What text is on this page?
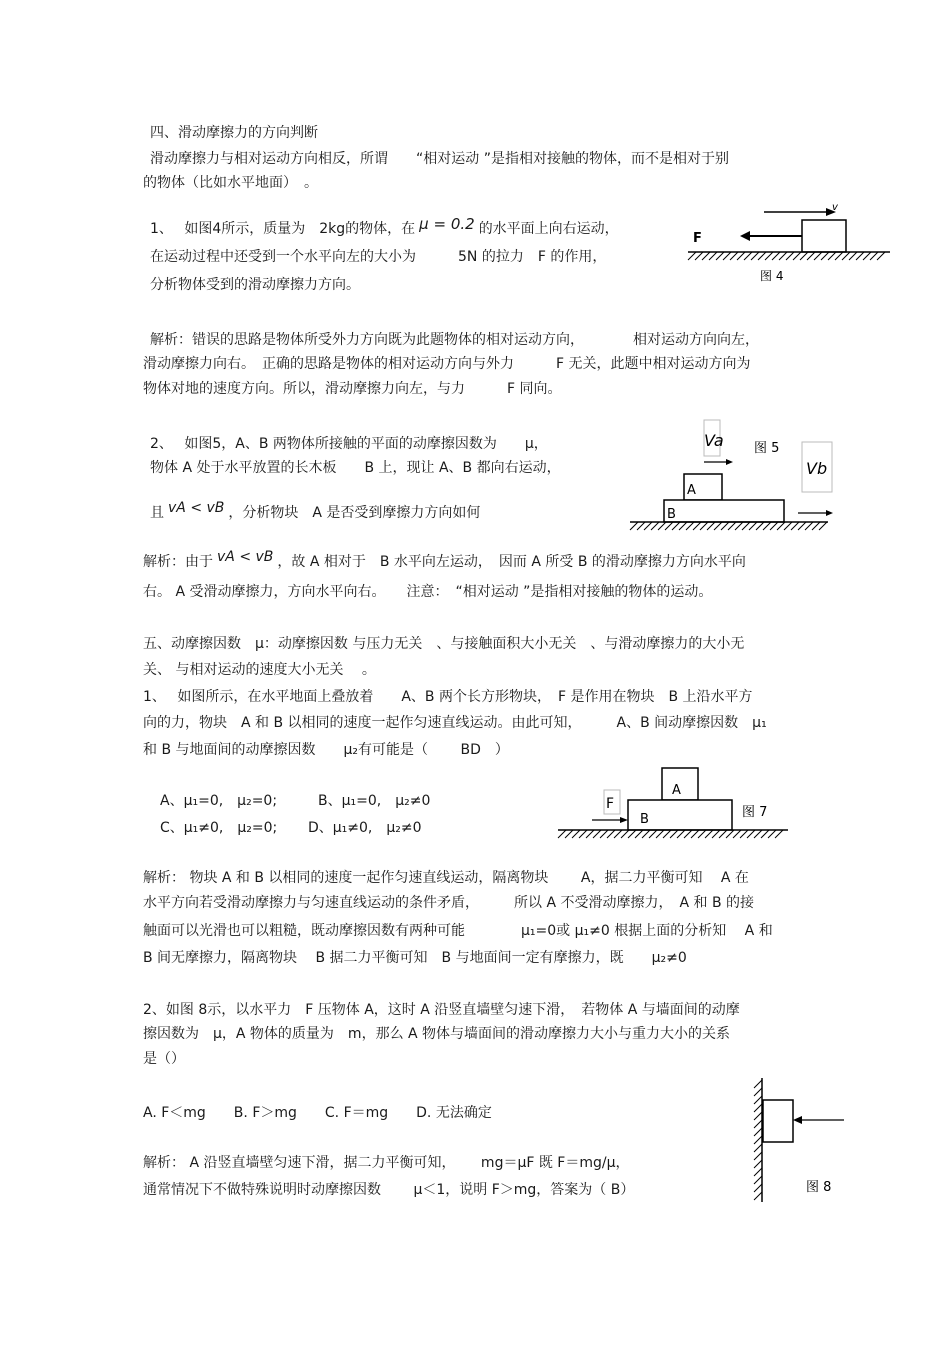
四、滑动摩擦力的方向判断
滑动摩擦力与相对运动方向相反，所谓　　“相对运动 ”是指相对接触的物体，而不是相对于别
的物体（比如水平地面）　。
1、　 如图4所示，质量为　2kg的物体，在 μ = 0.2 的水平面上向右运动，
在运动过程中还受到一个水平向左的大小为　　　5N 的拉力　F 的作用，
分析物体受到的滑动摩擦力方向。
v
F
图 4
解析：错误的思路是物体所受外力方向既为此题物体的相对运动方向，　　　　相对运动方向向左，
滑动摩擦力向右。　正确的思路是物体的相对运动方向与外力　　　F 无关，此题中相对运动方向为
物体对地的速度方向。所以，滑动摩擦力向左，与力　　　F 同向。
2、　 如图5，A、B 两物体所接触的平面的动摩擦因数为　　μ，
物体 A 处于水平放置的长木板　　B 上，现让 A、B 都向右运动，
且 vA < vB ，分析物块　A 是否受到摩擦力方向如何
Va 图 5
Vb
A
B
解析：由于 vA < vB ，故 A 相对于　B 水平向左运动，　因而 A 所受 B 的滑动摩擦力方向水平向
右。 A 受滑动摩擦力，方向水平向右。　　注意：　“相对运动 ”是指相对接触的物体的运动。
五、动摩擦因数　μ：动摩擦因数 与压力无关　、与接触面积大小无关　、与滑动摩擦力的大小无
关、 与相对运动的速度大小无关　 。
1、　 如图所示，在水平地面上叠放着　　A、B 两个长方形物块，　F 是作用在物块　B 上沿水平方
向的力，物块　A 和 B 以相同的速度一起作匀速直线运动。由此可知，　　　A、B 间动摩擦因数　μ₁
和 B 与地面间的动摩擦因数　　μ₂有可能是（　　 BD　）
A、μ₁=0,　μ₂=0;	B、μ₁=0,　μ₂≠0
C、μ₁≠0,　μ₂=0; D、μ₁≠0,　μ₂≠0
A
B
F
图 7
解析： 物块 A 和 B 以相同的速度一起作匀速直线运动，隔离物块　　 A，据二力平衡可知　 A 在
水平方向若受滑动摩擦力与匀速直线运动的条件矛盾，　　　所以 A 不受滑动摩擦力，　A 和 B 的接
触面可以光滑也可以粗糙，既动摩擦因数有两种可能　　　　μ₁=0或 μ₁≠0 根据上面的分析知　 A 和
B 间无摩擦力，隔离物块　 B 据二力平衡可知　B 与地面间一定有摩擦力，既　　μ₂≠0
2、如图 8示，以水平力　F 压物体 A，这时 A 沿竖直墙壁匀速下滑，　若物体 A 与墙面间的动摩
擦因数为　μ，A 物体的质量为　m，那么 A 物体与墙面间的滑动摩擦力大小与重力大小的关系
是（）
A. F＜mg　　B. F＞mg　　C. F＝mg　　D. 无法确定
图 8
解析： A 沿竖直墙壁匀速下滑，据二力平衡可知，　　 mg＝μF 既 F＝mg/μ，
通常情况下不做特殊说明时动摩擦因数　　 μ＜1，说明 F＞mg，答案为（ B）
